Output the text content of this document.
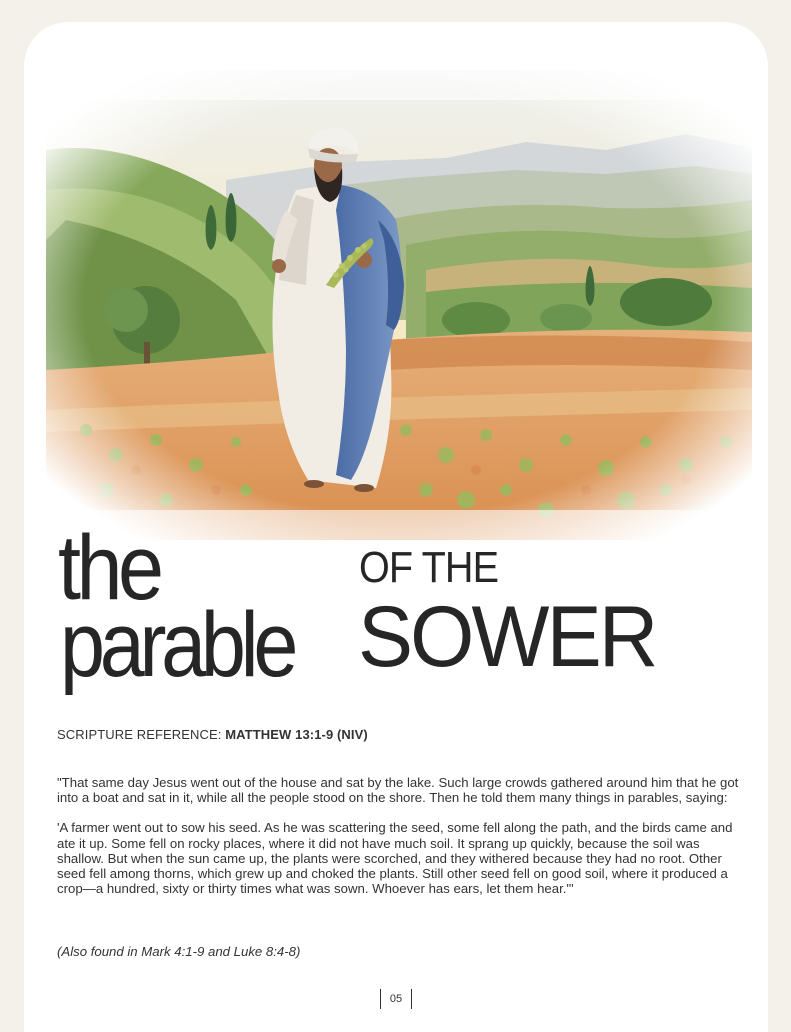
the
parable
OF THE
SOWER
SCRIPTURE REFERENCE: MATTHEW 13:1-9 (NIV)

"That same day Jesus went out of the house and sat by the lake. Such large crowds gathered around him that he got into a boat and sat in it, while all the people stood on the shore. Then he told them many things in parables, saying:

'A farmer went out to sow his seed. As he was scattering the seed, some fell along the path, and the birds came and ate it up. Some fell on rocky places, where it did not have much soil. It sprang up quickly, because the soil was shallow. But when the sun came up, the plants were scorched, and they withered because they had no root. Other seed fell among thorns, which grew up and choked the plants. Still other seed fell on good soil, where it produced a crop—a hundred, sixty or thirty times what was sown. Whoever has ears, let them hear.'"

(Also found in Mark 4:1-9 and Luke 8:4-8)
05
